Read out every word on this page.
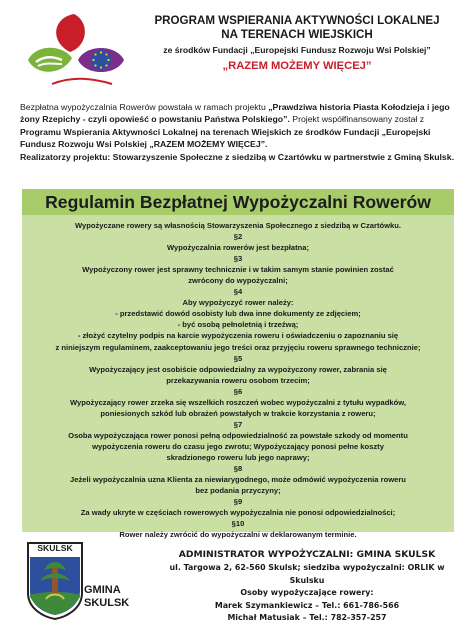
PROGRAM WSPIERANIA AKTYWNOŚCI LOKALNEJ
NA TERENACH WIEJSKICH
ze środków Fundacji „Europejski Fundusz Rozwoju Wsi Polskiej”
„RAZEM MOŻEMY WIĘCEJ”
Bezpłatna wypożyczalnia Rowerów powstała w ramach projektu „Prawdziwa historia Piasta Kołodzieja i jego żony Rzepichy - czyli opowieść o powstaniu Państwa Polskiego”. Projekt współfinansowany został z Programu Wspierania Aktywności Lokalnej na terenach Wiejskich ze środków Fundacji „Europejski Fundusz Rozwoju Wsi Polskiej „RAZEM MOŻEMY WIĘCEJ”.
Realizatorzy projektu: Stowarzyszenie Społeczne z siedzibą w Czartówku w partnerstwie z Gminą Skulsk.
Regulamin Bezpłatnej Wypożyczalni Rowerów
Wypożyczane rowery są własnością Stowarzyszenia Społecznego z siedzibą w Czartówku.
§2
Wypożyczalnia rowerów jest bezpłatna;
§3
Wypożyczony rower jest sprawny technicznie i w takim samym stanie powinien zostać
zwrócony do wypożyczalni;
§4
Aby wypożyczyć rower należy:
- przedstawić dowód osobisty lub dwa inne dokumenty ze zdjęciem;
- być osobą pełnoletnią i trzeźwą;
- złożyć czytelny podpis na karcie wypożyczenia roweru i oświadczeniu o zapoznaniu się
z niniejszym regulaminem, zaakceptowaniu jego treści oraz przyjęciu roweru sprawnego technicznie;
§5
Wypożyczający jest osobiście odpowiedzialny za wypożyczony rower, zabrania się
przekazywania roweru osobom trzecim;
§6
Wypożyczający rower zrzeka się wszelkich roszczeń wobec wypożyczalni z tytułu wypadków,
poniesionych szkód lub obrażeń powstałych w trakcie korzystania z roweru;
§7
Osoba wypożyczająca rower ponosi pełną odpowiedzialność za powstałe szkody od momentu
wypożyczenia roweru do czasu jego zwrotu; Wypożyczający ponosi pełne koszty
skradzionego roweru lub jego naprawy;
§8
Jeżeli wypożyczalnia uzna Klienta za niewiarygodnego, może odmówić wypożyczenia roweru
bez podania przyczyny;
§9
Za wady ukryte w częściach rowerowych wypożyczalnia nie ponosi odpowiedzialności;
§10
Rower należy zwrócić do wypożyczalni w deklarowanym terminie.
SKULSK
GMINA
SKULSK
ADMINISTRATOR WYPOŻYCZALNI: GMINA SKULSK
ul. Targowa 2, 62-560 Skulsk; siedziba wypożyczalni: ORLIK w Skulsku
Osoby wypożyczające rowery:
Marek Szymankiewicz – Tel.: 661-786-566
Michał Matusiak – Tel.: 782-357-257
